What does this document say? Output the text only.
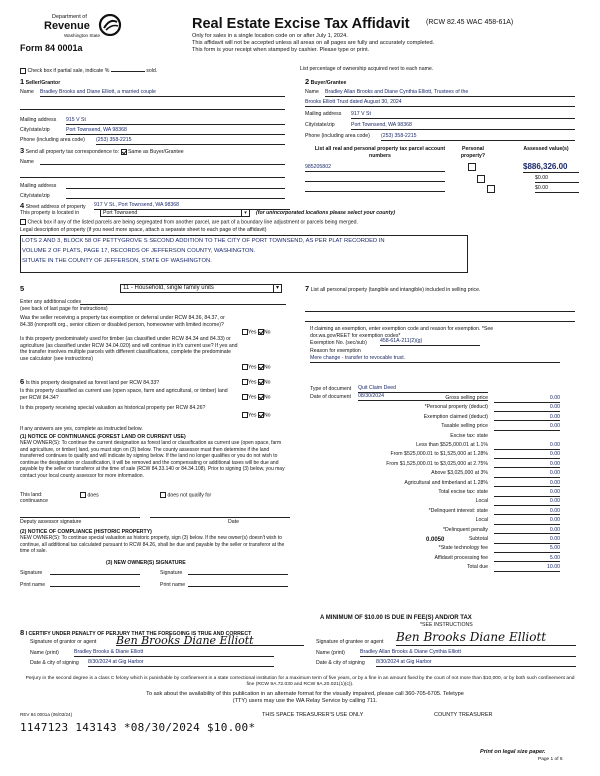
Department of
Revenue
Washington State
Form 84 0001a
Real Estate Excise Tax Affidavit (RCW 82.45 WAC 458-61A)
Only for sales in a single location code on or after July 1, 2024.
This affidavit will not be accepted unless all areas on all pages are fully and accurately completed.
This form is your receipt when stamped by cashier. Please type or print.
Check box if partial sale, indicate %	sold.	List percentage of ownership acquired next to each name.
1 Seller/Grantor
Name Bradley Brooks and Diane Elliott, a married couple
Mailing address 915 V St
City/state/zip	Port Townsend, WA 98368
Phone (including area code) (253) 358-2215
2 Buyer/Grantee
Name Bradley Allan Brooks and Diane Cynthia Elliott, Trustees of the
Brooks Elliott Trust dated August 30, 2024
Mailing address 917 V St
City/state/zip	Port Townsend, WA 98368
Phone (including area code) (253) 358-2215
3 Send all property tax correspondence to: Same as Buyer/Grantee
Name
Mailing address
City/state/zip
List all real and personal property tax parcel account numbers
Personal property?
Assessed value(s)
985205802
	$886,326.00

$0.00
$0.00
4 Street address of property 917 V St., Port Townsend, WA 98368
This property is located in	Port Townsend	▾	(for unincorporated locations please select your county)
Check box if any of the listed parcels are being segregated from another parcel, are part of a boundary line adjustment or parcels being merged.
Legal description of property (if you need more space, attach a separate sheet to each page of the affidavit)
LOTS 2 AND 3, BLOCK 58 OF PETTYGROVE S SECOND ADDITION TO THE CITY OF PORT TOWNSEND, AS PER PLAT RECORDED IN
VOLUME 2 OF PLATS, PAGE 17, RECORDS OF JEFFERSON COUNTY, WASHINGTON.
SITUATE IN THE COUNTY OF JEFFERSON, STATE OF WASHINGTON.
5	11 - Household, single family units	▾
Enter any additional codes
(see back of last page for instructions)
Was the seller receiving a property tax exemption or deferral under RCW 84.36, 84.37, or 84.38 (nonprofit org., senior citizen or disabled person, homeowner with limited income)?
Yes No
Is this property predominately used for timber (as classified under RCW 84.34 and 84.33) or agriculture (as classified under RCW 34.04.020) and will continue in it's current use? If yes and the transfer involves multiple parcels with different classifications, complete the predominate use calculator (see instructions)
Yes No
6 Is this property designated as forest land per RCW 84.33?	Yes No
Is this property classified as current use (open space, farm and agricultural, or timber) land per RCW 84.34?	Yes No
Is this property receiving special valuation as historical property per RCW 84.26?
Yes No
If any answers are yes, complete as instructed below.
(1) NOTICE OF CONTINUANCE (FOREST LAND OR CURRENT USE)
NEW OWNER(S): To continue the current designation as forest land or classification as current use (open space, farm and agriculture, or timber) land, you must sign on (3) below. The county assessor must then determine if the land transferred continues to qualify and will indicate by signing below. If the land no longer qualifies or you do not wish to continue the designation or classification, it will be removed and the compensating or additional taxes will be due and payable by the seller or transferor at the time of sale (RCW 84.33.140 or 84.34.108). Prior to signing (3) below, you may contact your local county assessor for more information.
This land:	does	does not qualify for
continuance
Deputy assessor signature	Date
(2) NOTICE OF COMPLIANCE (HISTORIC PROPERTY)
NEW OWNER(S): To continue special valuation as historic property, sign (3) below. If the new owner(s) doesn't wish to continue, all additional tax calculated pursuant to RCW 84.26, shall be due and payable by the seller or transferor at the time of sale.
(3) NEW OWNER(S) SIGNATURE
Signature	Signature
Print name	Print name
7 List all personal property (tangible and intangible) included in selling price.
If claiming an exemption, enter exemption code and reason for exemption. *See dor.wa.gov/REET for exemption codes*
Exemption No. (sec/sub)	458-61A-211(2)(g)
Reason for exemption
Mere change - transfer to revocable trust.
Type of document Quit Claim Deed
Date of document 08/30/2024	Gross selling price	0.00
*Personal property (deduct)	0.00
Exemption claimed (deduct)	0.00
Taxable selling price	0.00
Excise tax: state
Less than $525,000.01 at 1.1%	0.00
From $525,000.01 to $1,525,000 at 1.28%	0.00
From $1,525,000.01 to $3,025,000 at 2.75%	0.00
Above $3,025,000 at 3%	0.00
Agricultural and timberland at 1.28%	0.00
Total excise tax: state	0.00
Local	0.00
*Delinquent interest: state	0.00
Local	0.00
*Delinquent penalty	0.00
Subtotal	0.00
*State technology fee	5.00
Affidavit processing fee	5.00
Total due	10.00
0.0050
A MINIMUM OF $10.00 IS DUE IN FEE(S) AND/OR TAX
*SEE INSTRUCTIONS
8 I CERTIFY UNDER PENALTY OF PERJURY THAT THE FOREGOING IS TRUE AND CORRECT
Signature of grantor or agent Ben Brooks Diane Elliott
Name (print)	Bradley Brooks & Diane Elliott
Date & city of signing 8/30/2024 at Gig Harbor
Signature of grantee or agent Ben Brooks Diane Elliott
Name (print)	Bradley Allan Brooks & Diane Cynthia Elliott
Date & city of signing 8/30/2024 at Gig Harbor
Perjury in the second degree is a class C felony which is punishable by confinement in a state correctional institution for a maximum term of five years, or by a fine in an amount fixed by the court of not more than $10,000, or by both such confinement and fine (RCW 9A.72.030 and RCW 9A.20.021(1)(c)).
To ask about the availability of this publication in an alternate format for the visually impaired, please call 360-705-6705. Teletype
(TTY) users may use the WA Relay Service by calling 711.
REV 84 0001a (06/03/24)	THIS SPACE TREASURER'S USE ONLY	COUNTY TREASURER
1147123 143143 *08/30/2024 $10.00*
Print on legal size paper.
Page 1 of 6
